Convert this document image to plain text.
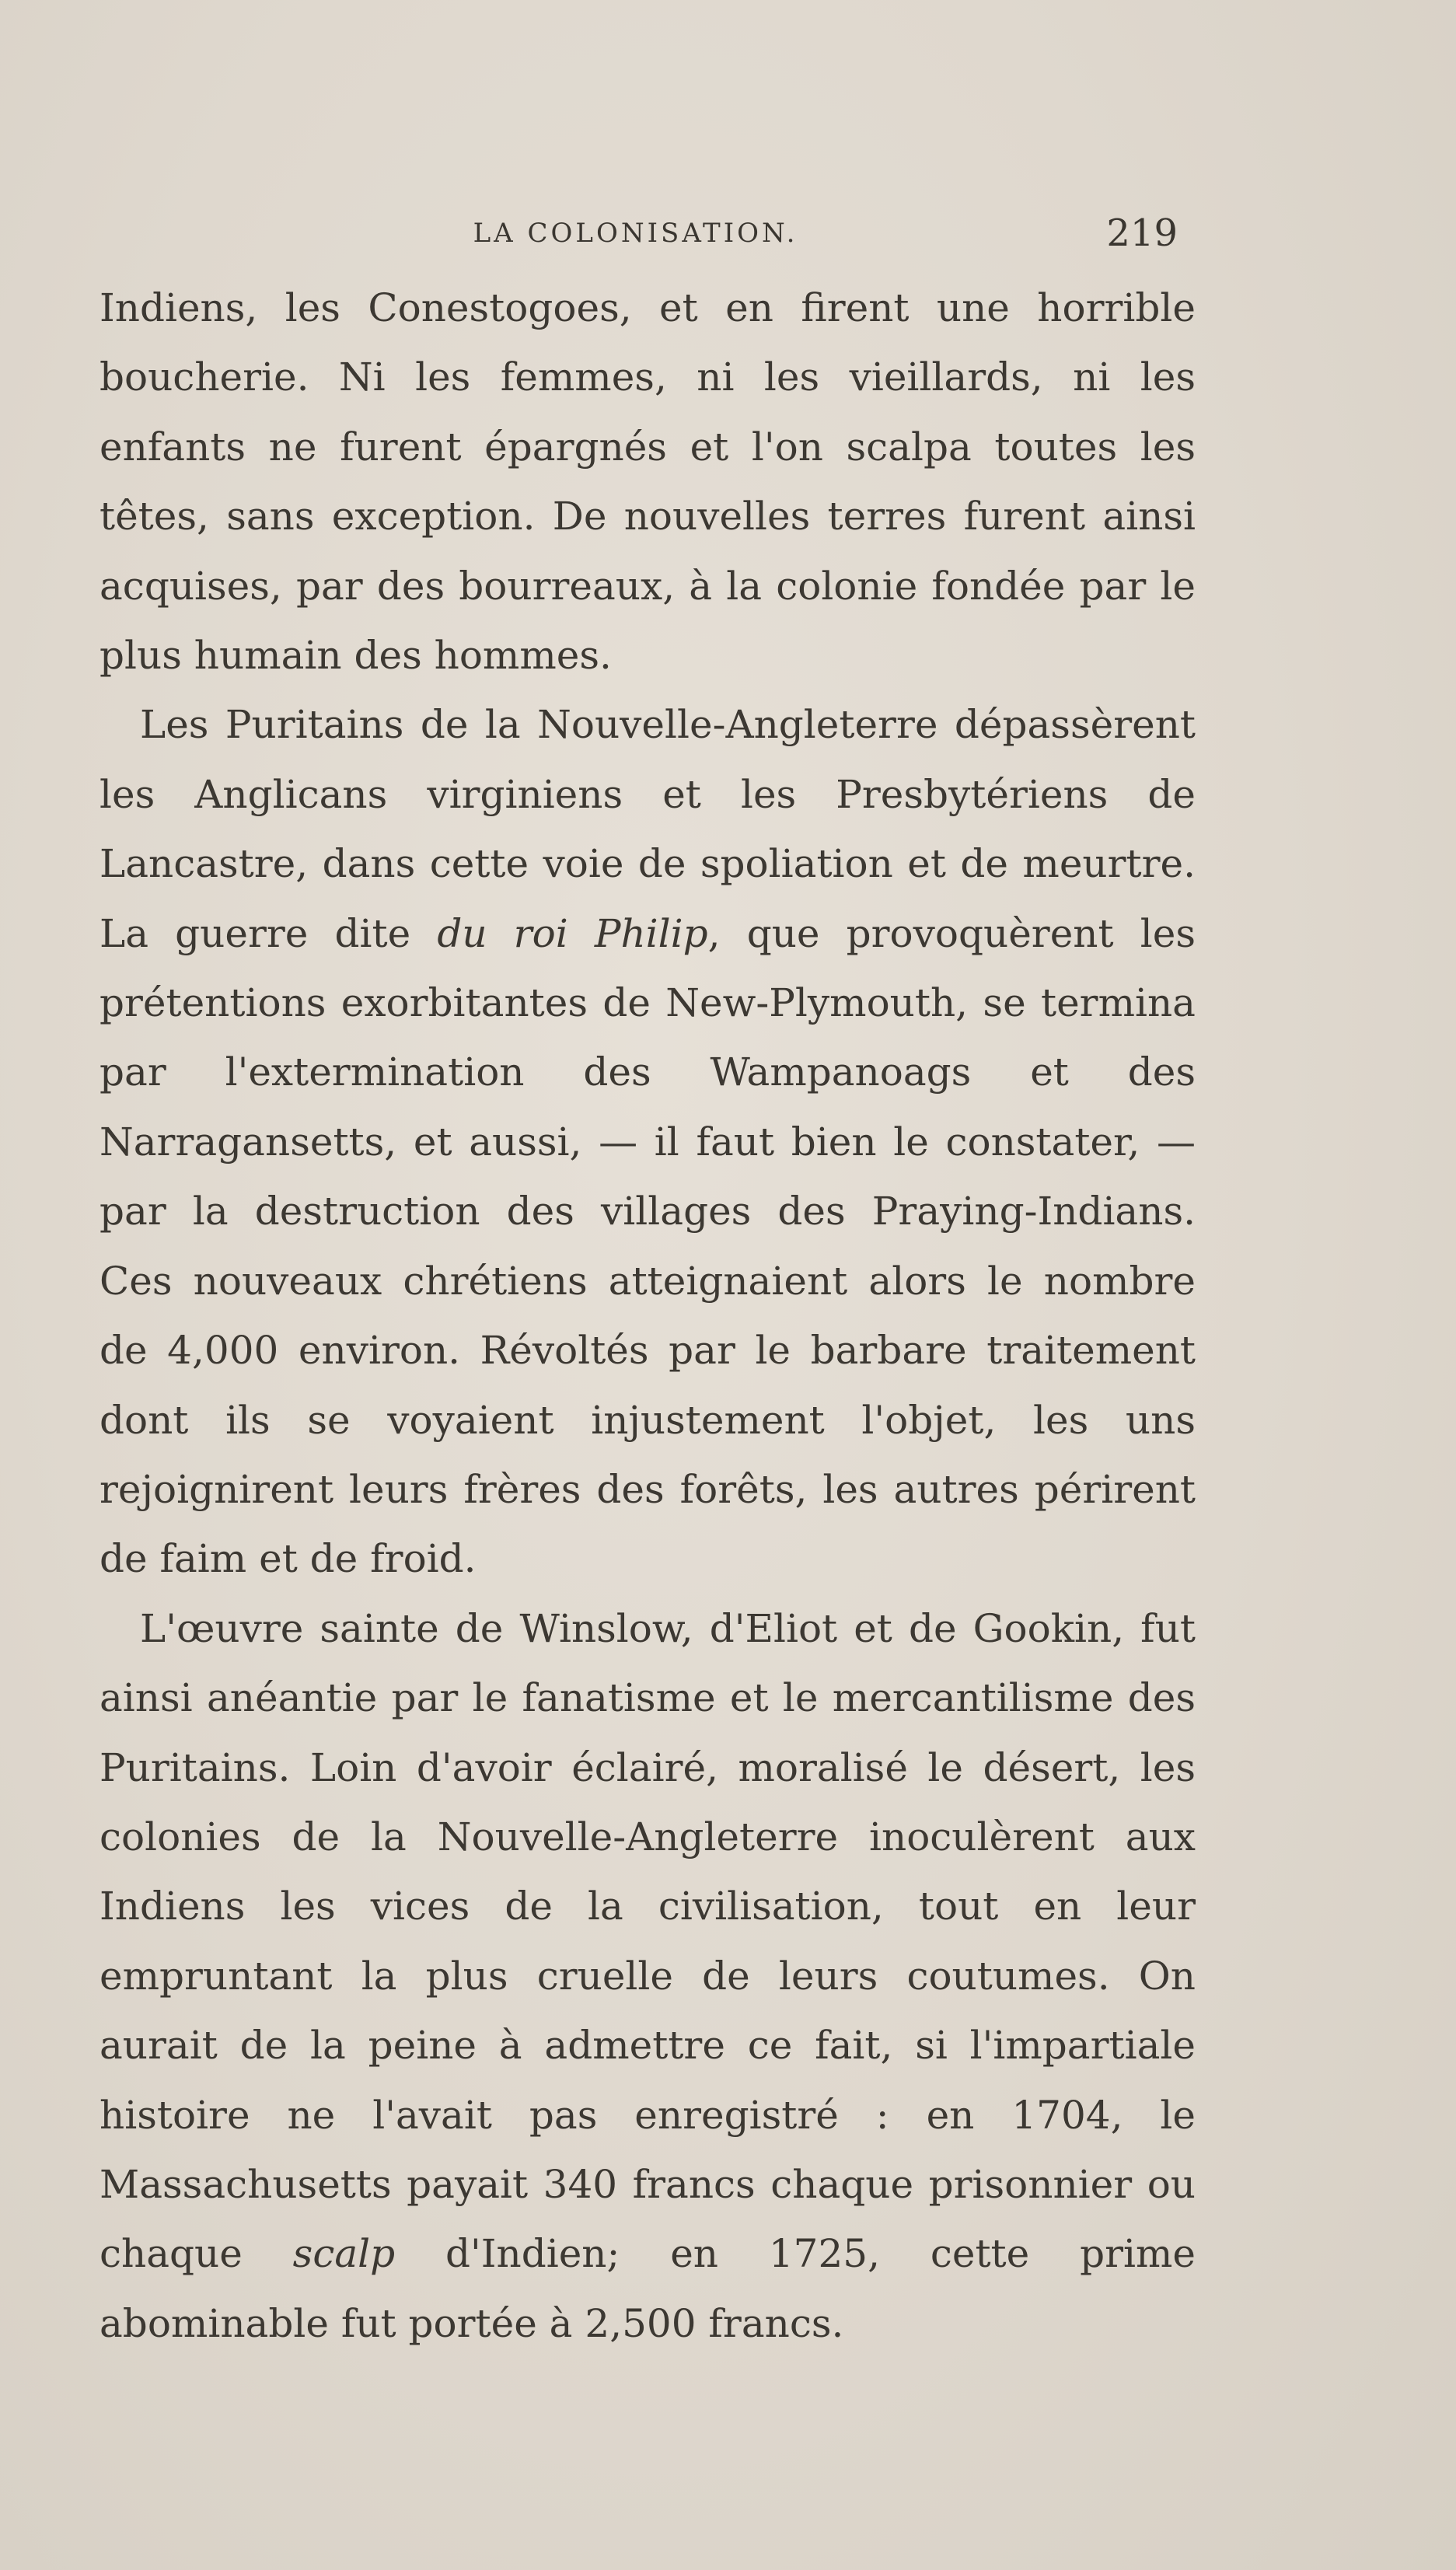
LA COLONISATION.	219

Indiens, les Conestogoes, et en firent une horrible boucherie. Ni les femmes, ni les vieillards, ni les enfants ne furent épargnés et l'on scalpa toutes les têtes, sans exception. De nouvelles terres furent ainsi acquises, par des bourreaux, à la colonie fondée par le plus humain des hommes.

Les Puritains de la Nouvelle-Angleterre dépassèrent les Anglicans virginiens et les Presbytériens de Lancastre, dans cette voie de spoliation et de meurtre. La guerre dite du roi Philip, que provoquèrent les prétentions exorbitantes de New-Plymouth, se termina par l'extermination des Wampanoags et des Narragansetts, et aussi, — il faut bien le constater, — par la destruction des villages des Praying-Indians. Ces nouveaux chrétiens atteignaient alors le nombre de 4,000 environ. Révoltés par le barbare traitement dont ils se voyaient injustement l'objet, les uns rejoignirent leurs frères des forêts, les autres périrent de faim et de froid.

L'œuvre sainte de Winslow, d'Eliot et de Gookin, fut ainsi anéantie par le fanatisme et le mercantilisme des Puritains. Loin d'avoir éclairé, moralisé le désert, les colonies de la Nouvelle-Angleterre inoculèrent aux Indiens les vices de la civilisation, tout en leur empruntant la plus cruelle de leurs coutumes. On aurait de la peine à admettre ce fait, si l'impartiale histoire ne l'avait pas enregistré : en 1704, le Massachusetts payait 340 francs chaque prisonnier ou chaque scalp d'Indien; en 1725, cette prime abominable fut portée à 2,500 francs.
